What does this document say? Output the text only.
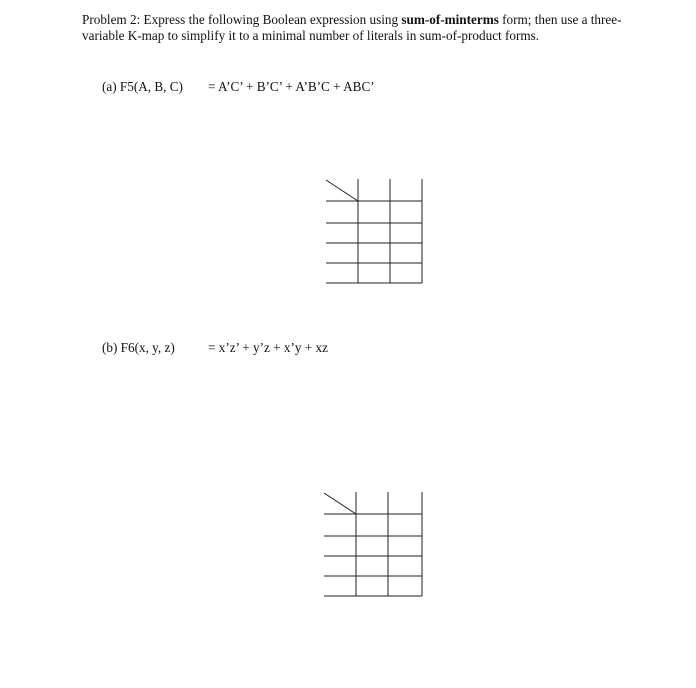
Problem 2: Express the following Boolean expression using sum-of-minterms form; then use a three-variable K-map to simplify it to a minimal number of literals in sum-of-product forms.
(a) F5(A, B, C) = A’C’ + B’C’ + A’B’C + ABC’
(b) F6(x, y, z)	= x’z’ + y’z + x’y + xz
